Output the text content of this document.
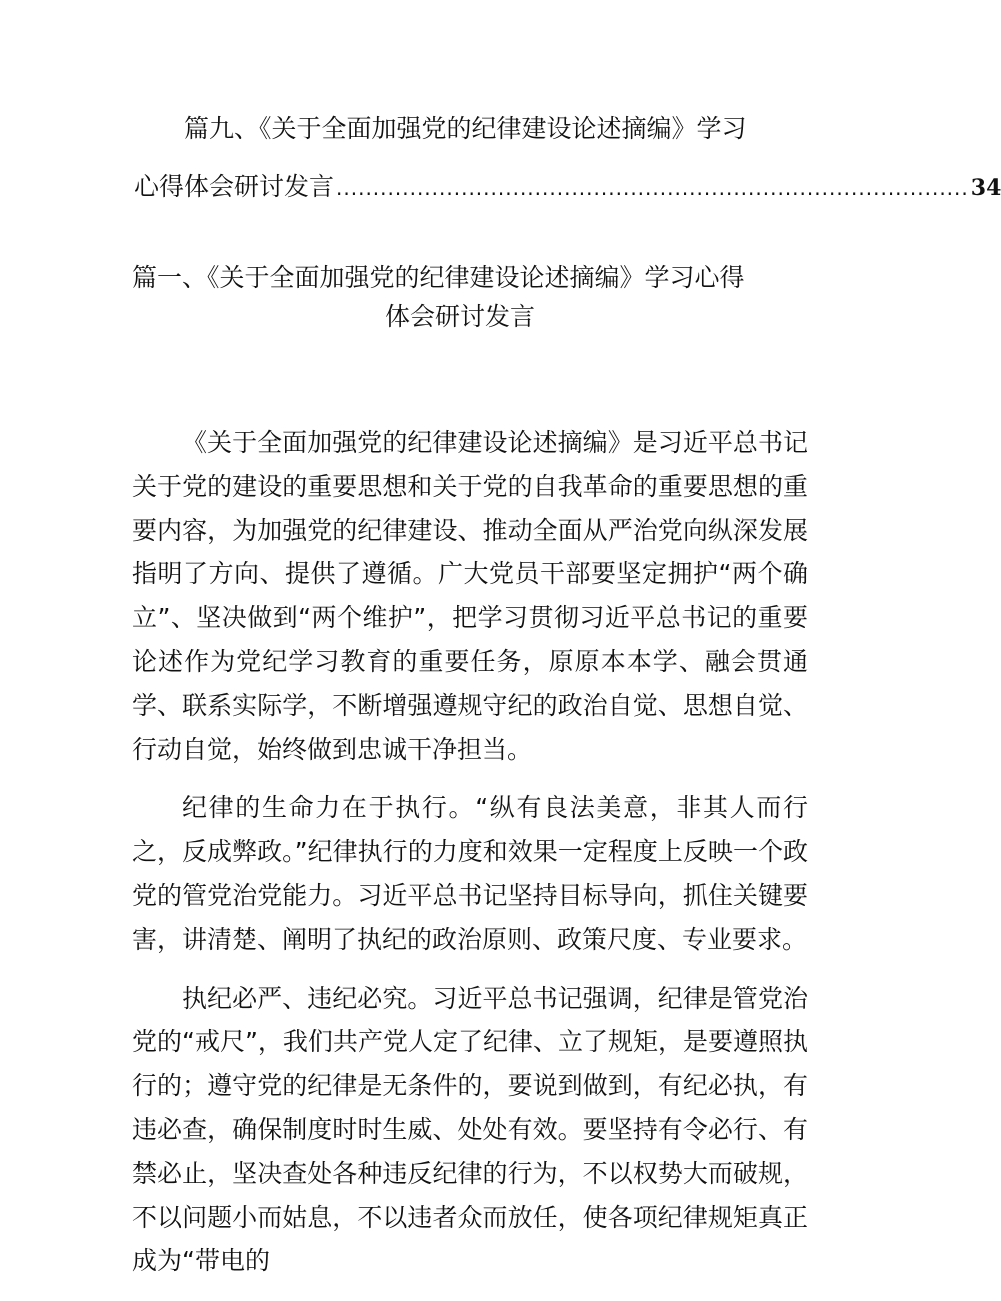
篇九、《关于全面加强党的纪律建设论述摘编》学习
心得体会研讨发言 ...................................................................................... 34
篇一、《关于全面加强党的纪律建设论述摘编》学习心得
体会研讨发言

《关于全面加强党的纪律建设论述摘编》是习近平总书记关于党的建设的重要思想和关于党的自我革命的重要思想的重要内容，为加强党的纪律建设、推动全面从严治党向纵深发展指明了方向、提供了遵循。广大党员干部要坚定拥护“两个确立”、坚决做到“两个维护”，把学习贯彻习近平总书记的重要论述作为党纪学习教育的重要任务，原原本本学、融会贯通学、联系实际学，不断增强遵规守纪的政治自觉、思想自觉、行动自觉，始终做到忠诚干净担当。

纪律的生命力在于执行。“纵有良法美意，非其人而行之，反成弊政。”纪律执行的力度和效果一定程度上反映一个政党的管党治党能力。习近平总书记坚持目标导向，抓住关键要害，讲清楚、阐明了执纪的政治原则、政策尺度、专业要求。

执纪必严、违纪必究。习近平总书记强调，纪律是管党治党的“戒尺”，我们共产党人定了纪律、立了规矩，是要遵照执行的；遵守党的纪律是无条件的，要说到做到，有纪必执，有违必查，确保制度时时生威、处处有效。要坚持有令必行、有禁必止，坚决查处各种违反纪律的行为，不以权势大而破规，不以问题小而姑息，不以违者众而放任，使各项纪律规矩真正成为“带电的
